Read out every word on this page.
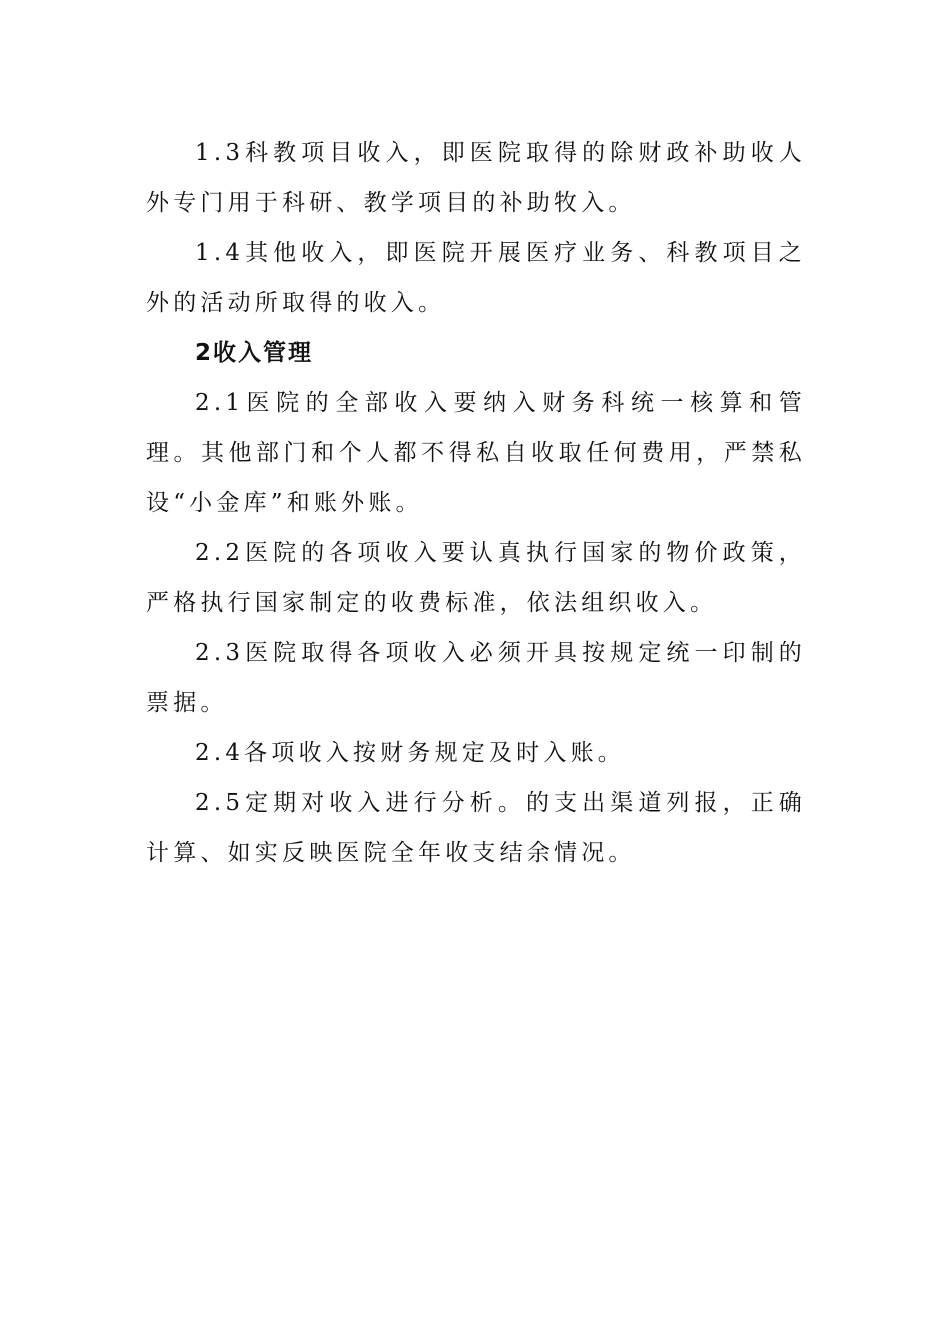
1.3科教项目收入，即医院取得的除财政补助收人外专门用于科研、教学项目的补助牧入。

1.4其他收入，即医院开展医疗业务、科教项目之外的活动所取得的收入。

2收入管理

2.1医院的全部收入要纳入财务科统一核算和管理。其他部门和个人都不得私自收取任何费用，严禁私设“小金库”和账外账。

2.2医院的各项收入要认真执行国家的物价政策，严格执行国家制定的收费标准，依法组织收入。

2.3医院取得各项收入必须开具按规定统一印制的票据。

2.4各项收入按财务规定及时入账。

2.5定期对收入进行分析。的支出渠道列报，正确计算、如实反映医院全年收支结余情况。
